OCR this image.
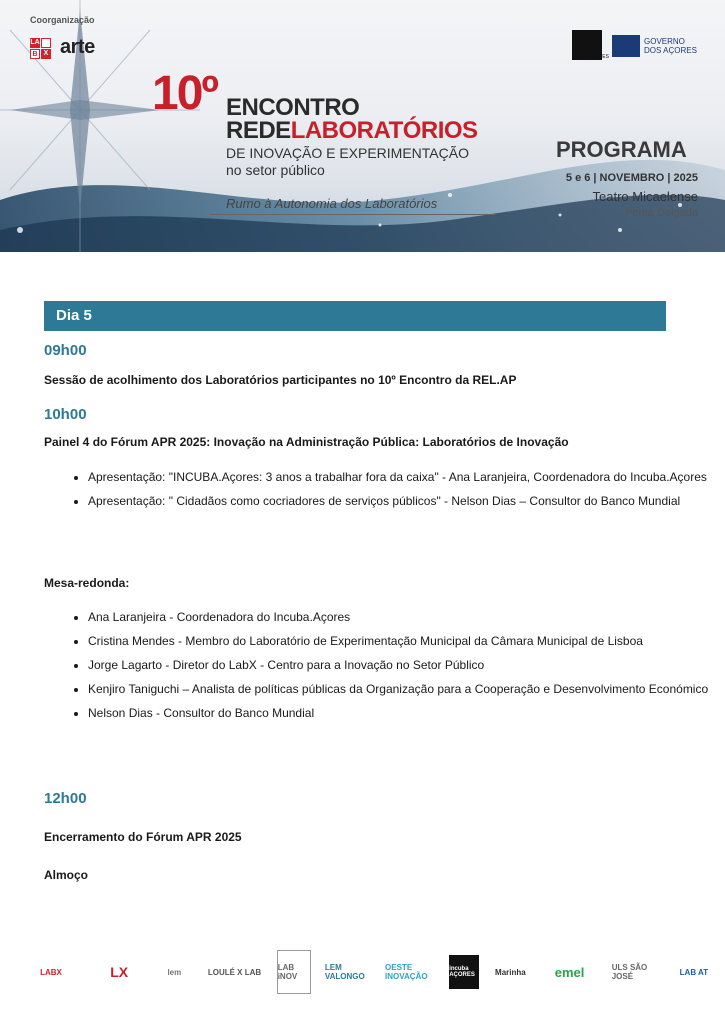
Coorganização
LA
B X arte	incuba AÇORES
GOVERNO
DOS AÇORES
10º ENCONTRO
REDELABORATÓRIOS
DE INOVAÇÃO E EXPERIMENTAÇÃO
no setor público
Rumo à Autonomia dos Laboratórios
PROGRAMA
5 e 6 | NOVEMBRO | 2025
Teatro Micaelense
Ponta Delgada
Dia 5

09h00

Sessão de acolhimento dos Laboratórios participantes no 10º Encontro da REL.AP

10h00

Painel 4 do Fórum APR 2025: Inovação na Administração Pública: Laboratórios de Inovação

• Apresentação: "INCUBA.Açores: 3 anos a trabalhar fora da caixa" - Ana Laranjeira, Coordenadora do Incuba.Açores
• Apresentação: " Cidadãos como cocriadores de serviços públicos" - Nelson Dias – Consultor do Banco Mundial

Mesa-redonda:

• Ana Laranjeira - Coordenadora do Incuba.Açores
• Cristina Mendes - Membro do Laboratório de Experimentação Municipal da Câmara Municipal de Lisboa
• Jorge Lagarto - Diretor do LabX - Centro para a Inovação no Setor Público
• Kenjiro Taniguchi – Analista de políticas públicas da Organização para a Cooperação e Desenvolvimento Económico
• Nelson Dias - Consultor do Banco Mundial

12h00

Encerramento do Fórum APR 2025

Almoço

LABX	LX	lem	LOULÉ X LAB LAB iNOV
LEM VALONGO
OESTE INOVAÇÃO
incuba AÇORES	Marinha	emel	ULS SÃO JOSÉ	LAB AT
